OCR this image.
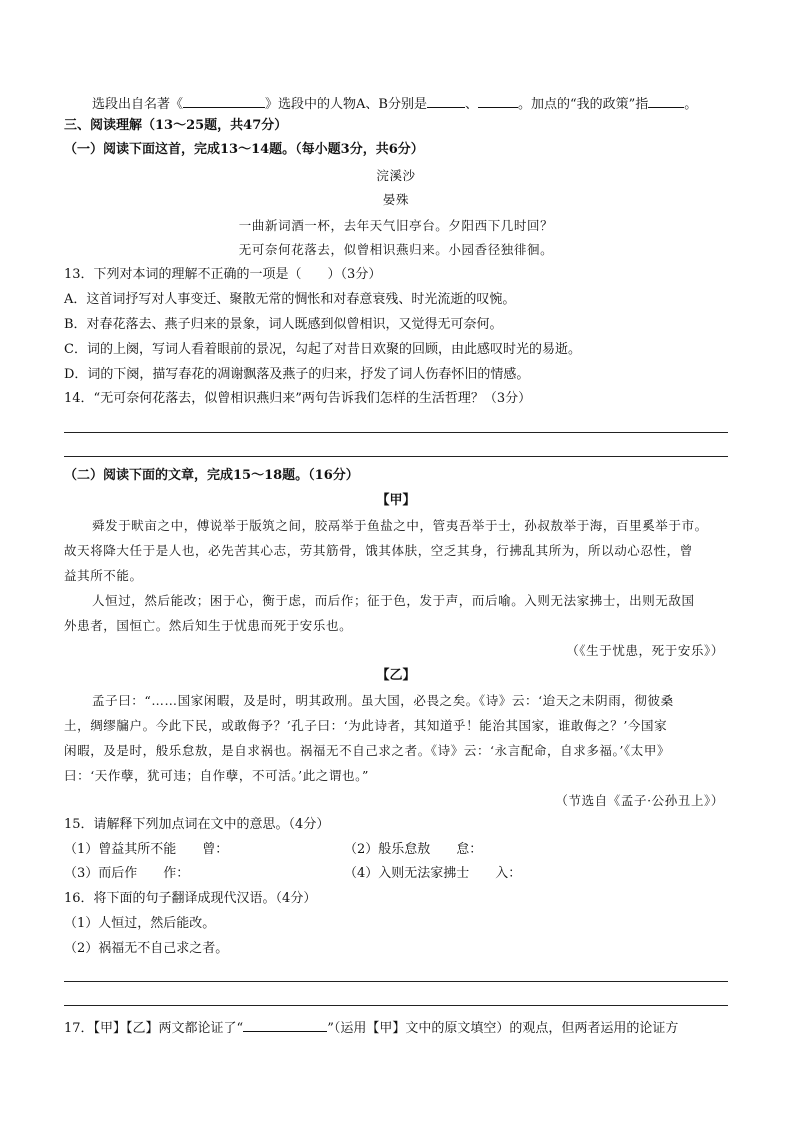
选段出自名著《	》选段中的人物A、B分别是	、	。加点的“我的政策”指	。
三、阅读理解（13～25题，共47分）
（一）阅读下面这首，完成13～14题。（每小题3分，共6分）
浣溪沙
晏殊
一曲新词酒一杯，去年天气旧亭台。夕阳西下几时回？
无可奈何花落去，似曾相识燕归来。小园香径独徘徊。
13．下列对本词的理解不正确的一项是（　　）（3分）
A．这首词抒写对人事变迁、聚散无常的惆怅和对春意衰残、时光流逝的叹惋。
B．对春花落去、燕子归来的景象，词人既感到似曾相识，又觉得无可奈何。
C．词的上阕，写词人看着眼前的景况，勾起了对昔日欢聚的回顾，由此感叹时光的易逝。
D．词的下阕，描写春花的凋谢飘落及燕子的归来，抒发了词人伤春怀旧的情感。
14．“无可奈何花落去，似曾相识燕归来”两句告诉我们怎样的生活哲理？（3分）
（二）阅读下面的文章，完成15～18题。（16分）
【甲】
舜发于畎亩之中，傅说举于版筑之间，胶鬲举于鱼盐之中，管夷吾举于士，孙叔敖举于海，百里奚举于市。
故天将降大任于是人也，必先苦其心志，劳其筋骨，饿其体肤，空乏其身，行拂乱其所为，所以动心忍性，曾
益其所不能。
人恒过，然后能改；困于心，衡于虑，而后作；征于色，发于声，而后喻。入则无法家拂士，出则无敌国
外患者，国恒亡。然后知生于忧患而死于安乐也。
（《生于忧患，死于安乐》）
【乙】
孟子曰：“……国家闲暇，及是时，明其政刑。虽大国，必畏之矣。《诗》云：‘迨天之未阴雨，彻彼桑
土，绸缪牖户。今此下民，或敢侮予？’孔子曰：‘为此诗者，其知道乎！能治其国家，谁敢侮之？’今国家
闲暇，及是时，般乐怠敖，是自求祸也。祸福无不自己求之者。《诗》云：‘永言配命，自求多福。’《太甲》
曰：‘天作孽，犹可违；自作孽，不可活。’此之谓也。”
（节选自《孟子·公孙丑上》）
15．请解释下列加点词在文中的意思。（4分）
（1）曾益其所不能　　曾：	（2）般乐怠敖　　怠：
（3）而后作　　作：	（4）入则无法家拂士　　入：
16．将下面的句子翻译成现代汉语。（4分）
（1）人恒过，然后能改。
（2）祸福无不自己求之者。
17．【甲】【乙】两文都论证了“	”（运用【甲】文中的原文填空）的观点，但两者运用的论证方
